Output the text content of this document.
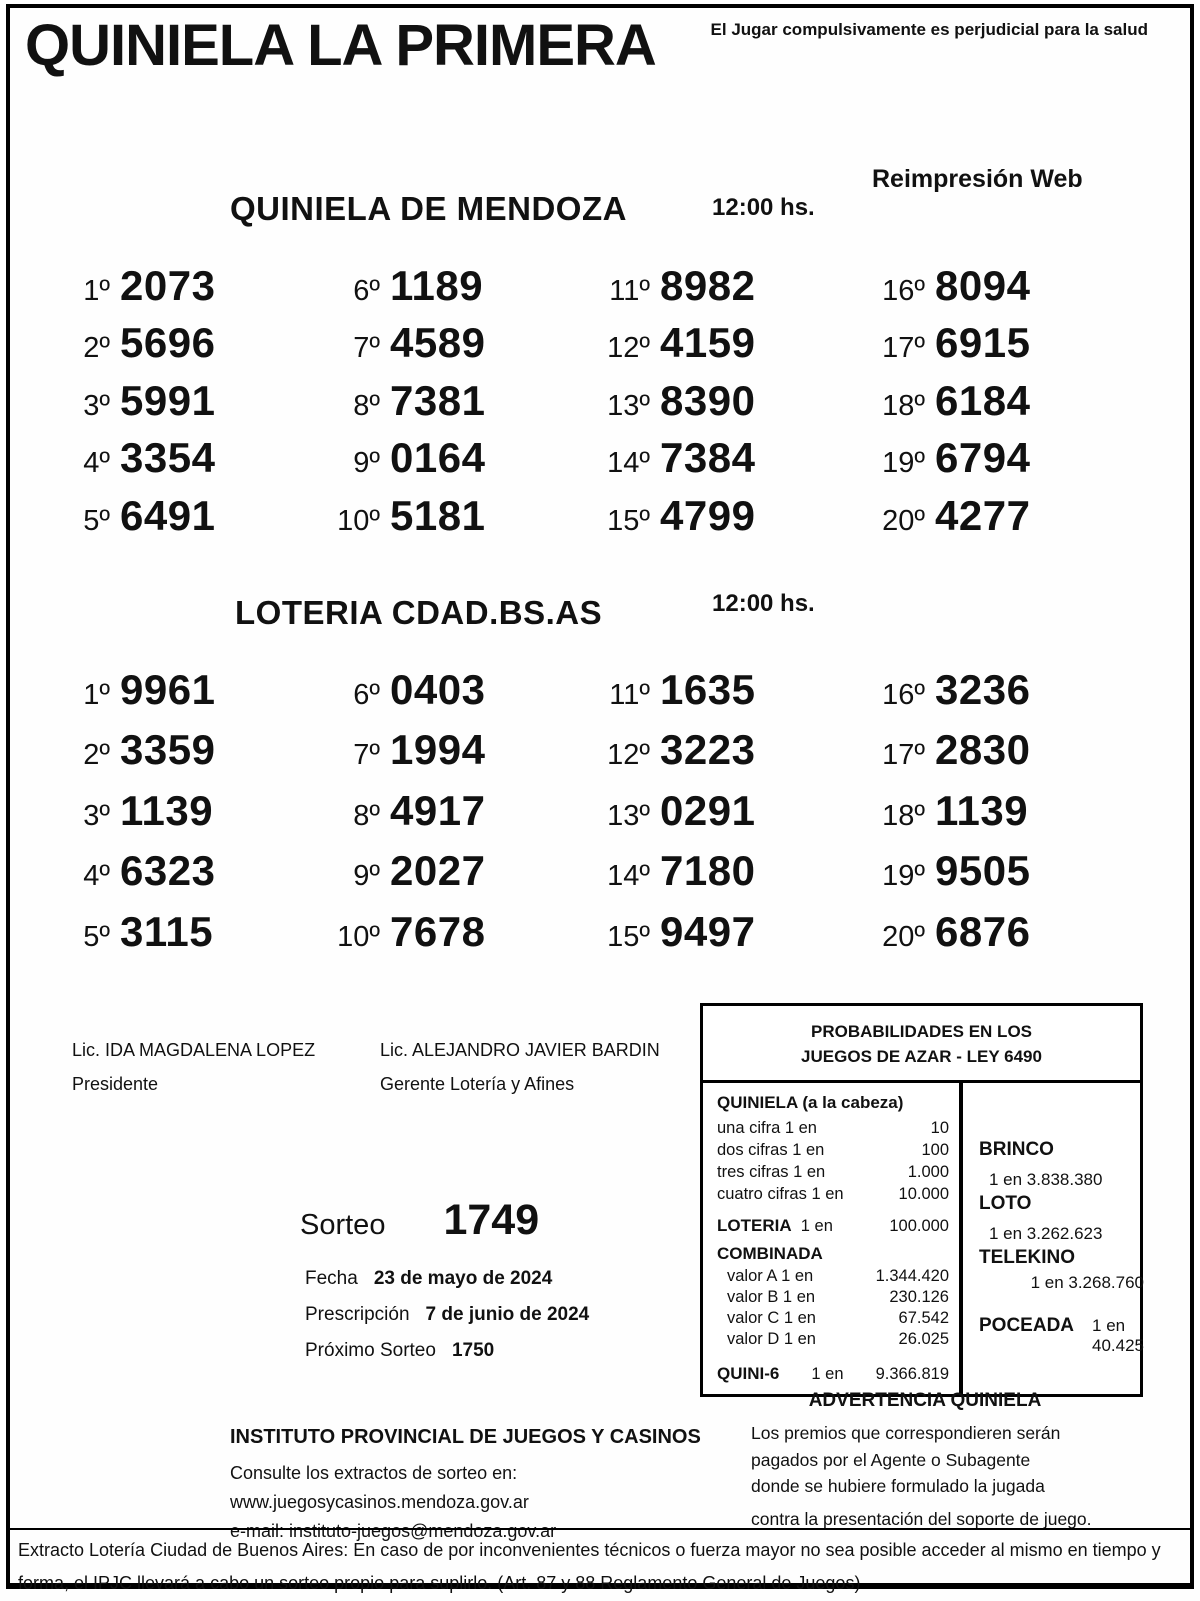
QUINIELA LA PRIMERA	El Jugar compulsivamente es perjudicial para la salud
Reimpresión Web
QUINIELA DE MENDOZA	12:00 hs.
1º 2073
2º 5696
3º 5991
4º 3354
5º 6491
6º 1189
7º 4589
8º 7381
9º 0164
10º 5181
11º 8982
12º 4159
13º 8390
14º 7384
15º 4799
16º 8094
17º 6915
18º 6184
19º 6794
20º 4277
LOTERIA CDAD.BS.AS	12:00 hs.
1º 9961
2º 3359
3º 1139
4º 6323
5º 3115
6º 0403
7º 1994
8º 4917
9º 2027
10º 7678
11º 1635
12º 3223
13º 0291
14º 7180
15º 9497
16º 3236
17º 2830
18º 1139
19º 9505
20º 6876
Lic. IDA MAGDALENA LOPEZ
Presidente
Lic. ALEJANDRO JAVIER BARDIN
Gerente Lotería y Afines
PROBABILIDADES EN LOS
JUEGOS DE AZAR - LEY 6490
QUINIELA (a la cabeza)
una cifra 1 en	10
dos cifras 1 en	100
tres cifras 1 en	1.000
cuatro cifras 1 en	10.000
LOTERIA 1 en	100.000
COMBINADA
valor A 1 en	1.344.420
valor B 1 en	230.126
valor C 1 en	67.542
valor D 1 en	26.025
QUINI-6 1 en 9.366.819
BRINCO1 en 3.838.380
LOTO1 en 3.262.623
TELEKINO
1 en 3.268.760
POCEADA 1 en 40.425
Sorteo 1749
Fecha 23 de mayo de 2024
Prescripción 7 de junio de 2024
Próximo Sorteo 1750
INSTITUTO PROVINCIAL DE JUEGOS Y CASINOS
Consulte los extractos de sorteo en:
www.juegosycasinos.mendoza.gov.ar
e-mail: instituto-juegos@mendoza.gov.ar
ADVERTENCIA QUINIELA
Los premios que correspondieren serán
pagados por el Agente o Subagente
donde se hubiere formulado la jugada
contra la presentación del soporte de juego.
Extracto Lotería Ciudad de Buenos Aires: En caso de por inconvenientes técnicos o fuerza mayor no sea posible acceder al mismo en tiempo y forma, el IPJC llevará a cabo un sorteo propio para suplirlo. (Art. 87 y 88 Reglamento General de Juegos)
